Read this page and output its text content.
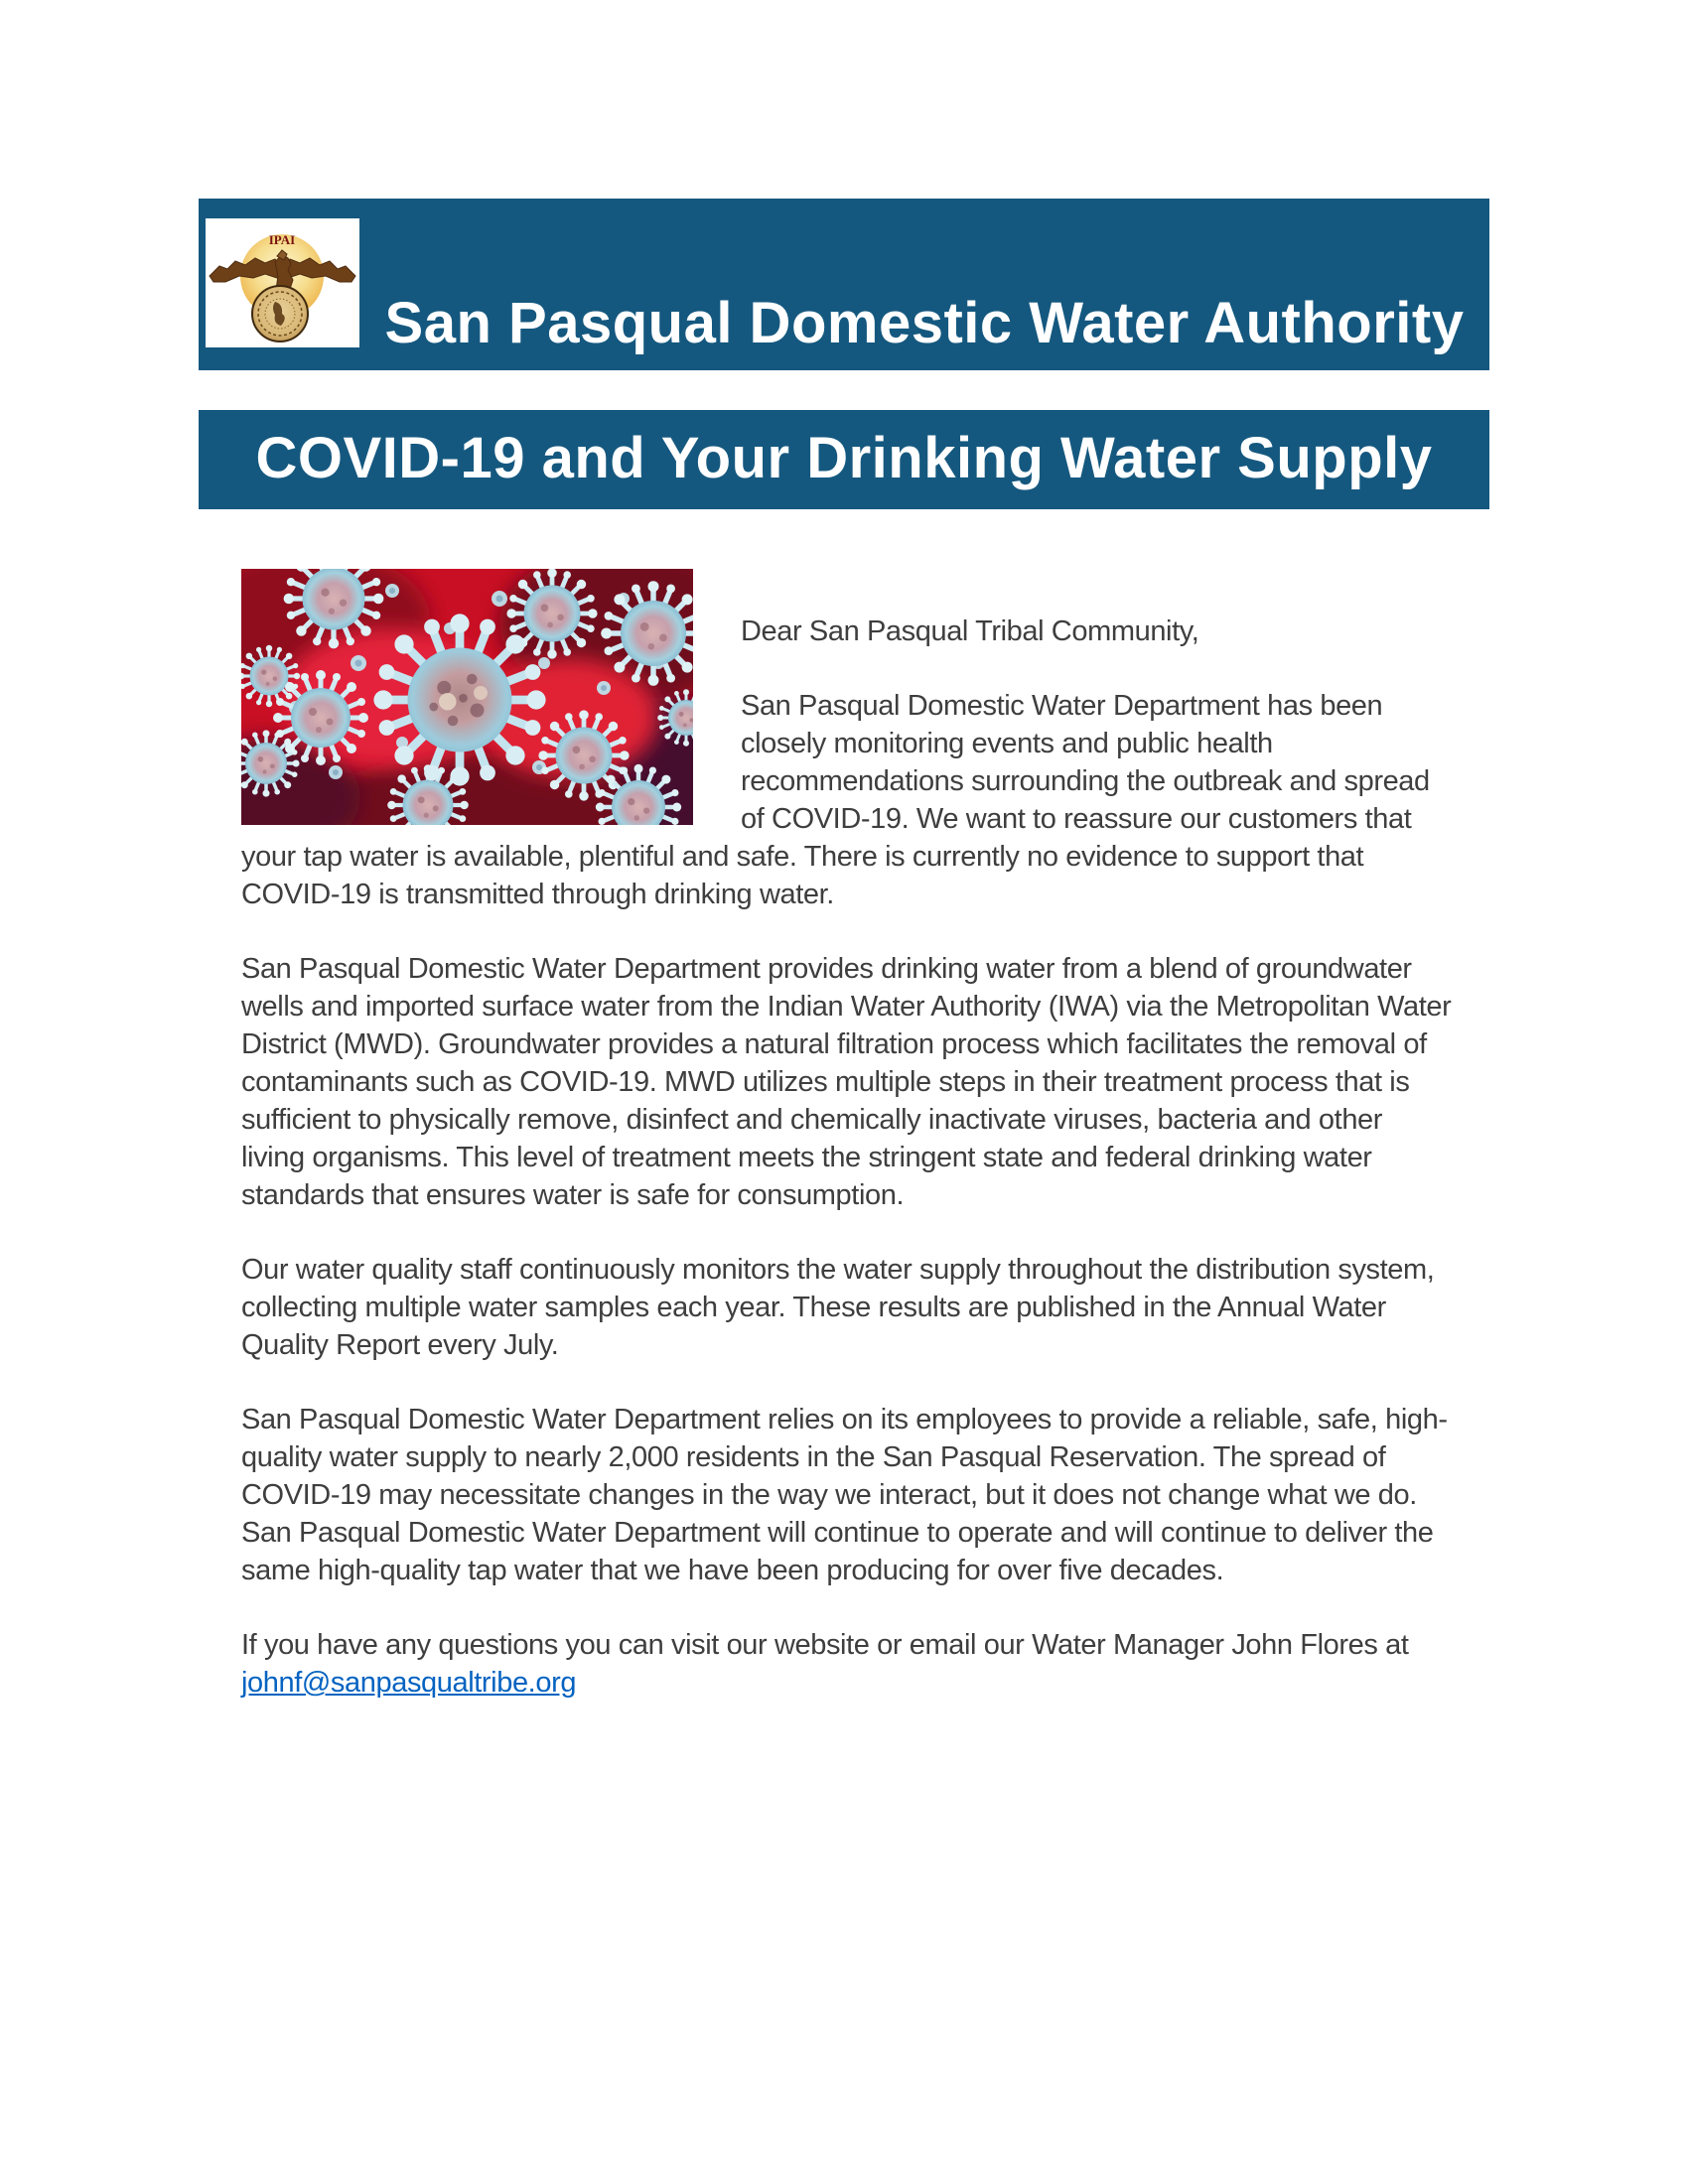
IPAI
San Pasqual Domestic Water Authority
COVID-19 and Your Drinking Water Supply

Dear San Pasqual Tribal Community,

San Pasqual Domestic Water Department has been closely monitoring events and public health recommendations surrounding the outbreak and spread of COVID-19. We want to reassure our customers that your tap water is available, plentiful and safe. There is currently no evidence to support that COVID-19 is transmitted through drinking water.

San Pasqual Domestic Water Department provides drinking water from a blend of groundwater wells and imported surface water from the Indian Water Authority (IWA) via the Metropolitan Water District (MWD). Groundwater provides a natural filtration process which facilitates the removal of contaminants such as COVID-19. MWD utilizes multiple steps in their treatment process that is sufficient to physically remove, disinfect and chemically inactivate viruses, bacteria and other living organisms. This level of treatment meets the stringent state and federal drinking water standards that ensures water is safe for consumption.

Our water quality staff continuously monitors the water supply throughout the distribution system, collecting multiple water samples each year. These results are published in the Annual Water Quality Report every July.

San Pasqual Domestic Water Department relies on its employees to provide a reliable, safe, high-quality water supply to nearly 2,000 residents in the San Pasqual Reservation. The spread of COVID-19 may necessitate changes in the way we interact, but it does not change what we do. San Pasqual Domestic Water Department will continue to operate and will continue to deliver the same high-quality tap water that we have been producing for over five decades.

If you have any questions you can visit our website or email our Water Manager John Flores at johnf@sanpasqualtribe.org
